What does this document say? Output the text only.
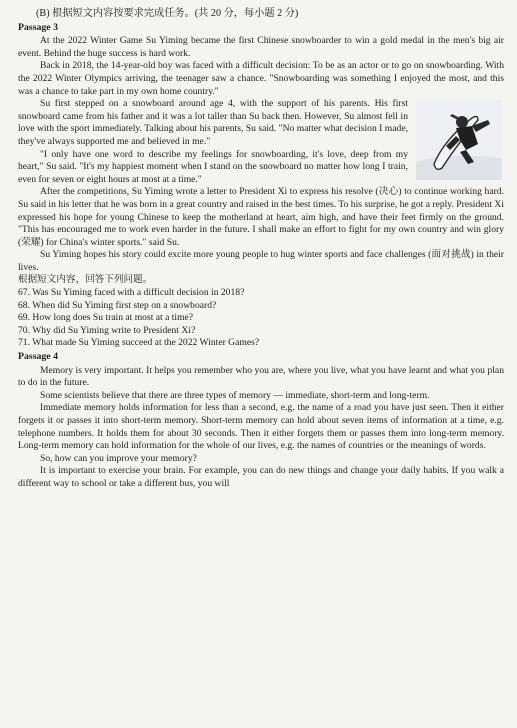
(B) 根据短文内容按要求完成任务。(共 20 分，每小题 2 分)
Passage 3

At the 2022 Winter Game Su Yiming became the first Chinese snowboarder to win a gold medal in the men's big air event. Behind the huge success is hard work.

Back in 2018, the 14-year-old boy was faced with a difficult decision: To be as an actor or to go on snowboarding. With the 2022 Winter Olympics arriving, the teenager saw a chance. "Snowboarding was something I enjoyed the most, and this was a chance to take part in my own home country."

Su first stepped on a snowboard around age 4, with the support of his parents. His first snowboard came from his father and it was a lot taller than Su back then. However, Su almost fell in love with the sport immediately. Talking about his parents, Su said. "No matter what decision I made, they've always supported me and believed in me."

"I only have one word to describe my feelings for snowboarding, it's love, deep from my heart," Su said. "It's my happiest moment when I stand on the snowboard no matter how long I train, even for seven or eight hours at most at a time."

After the competitions, Su Yiming wrote a letter to President Xi to express his resolve (决心) to continue working hard. Su said in his letter that he was born in a great country and raised in the best times. To his surprise, he got a reply. President Xi expressed his hope for young Chinese to keep the motherland at heart, aim high, and have their feet firmly on the ground. "This has encouraged me to work even harder in the future. I shall make an effort to fight for my own country and win glory (荣耀) for China's winter sports." said Su.

Su Yiming hopes his story could excite more young people to hug winter sports and face challenges (面对挑战) in their lives.

根据短文内容，回答下列问题。
67. Was Su Yiming faced with a difficult decision in 2018?
68. When did Su Yiming first step on a snowboard?
69. How long does Su train at most at a time?
70. Why did Su Yiming write to President Xi?
71. What made Su Yiming succeed at the 2022 Winter Games?
Passage 4

Memory is very important. It helps you remember who you are, where you live, what you have learnt and what you plan to do in the future.

Some scientists believe that there are three types of memory — immediate, short-term and long-term.

Immediate memory holds information for less than a second, e.g. the name of a road you have just seen. Then it either forgets it or passes it into short-term memory. Short-term memory can hold about seven items of information at a time, e.g. telephone numbers. It holds them for about 30 seconds. Then it either forgets them or passes them into long-term memory. Long-term memory can hold information for the whole of our lives, e.g. the names of countries or the meanings of words.

So, how can you improve your memory?

It is important to exercise your brain. For example, you can do new things and change your daily habits. If you walk a different way to school or take a different bus, you will
